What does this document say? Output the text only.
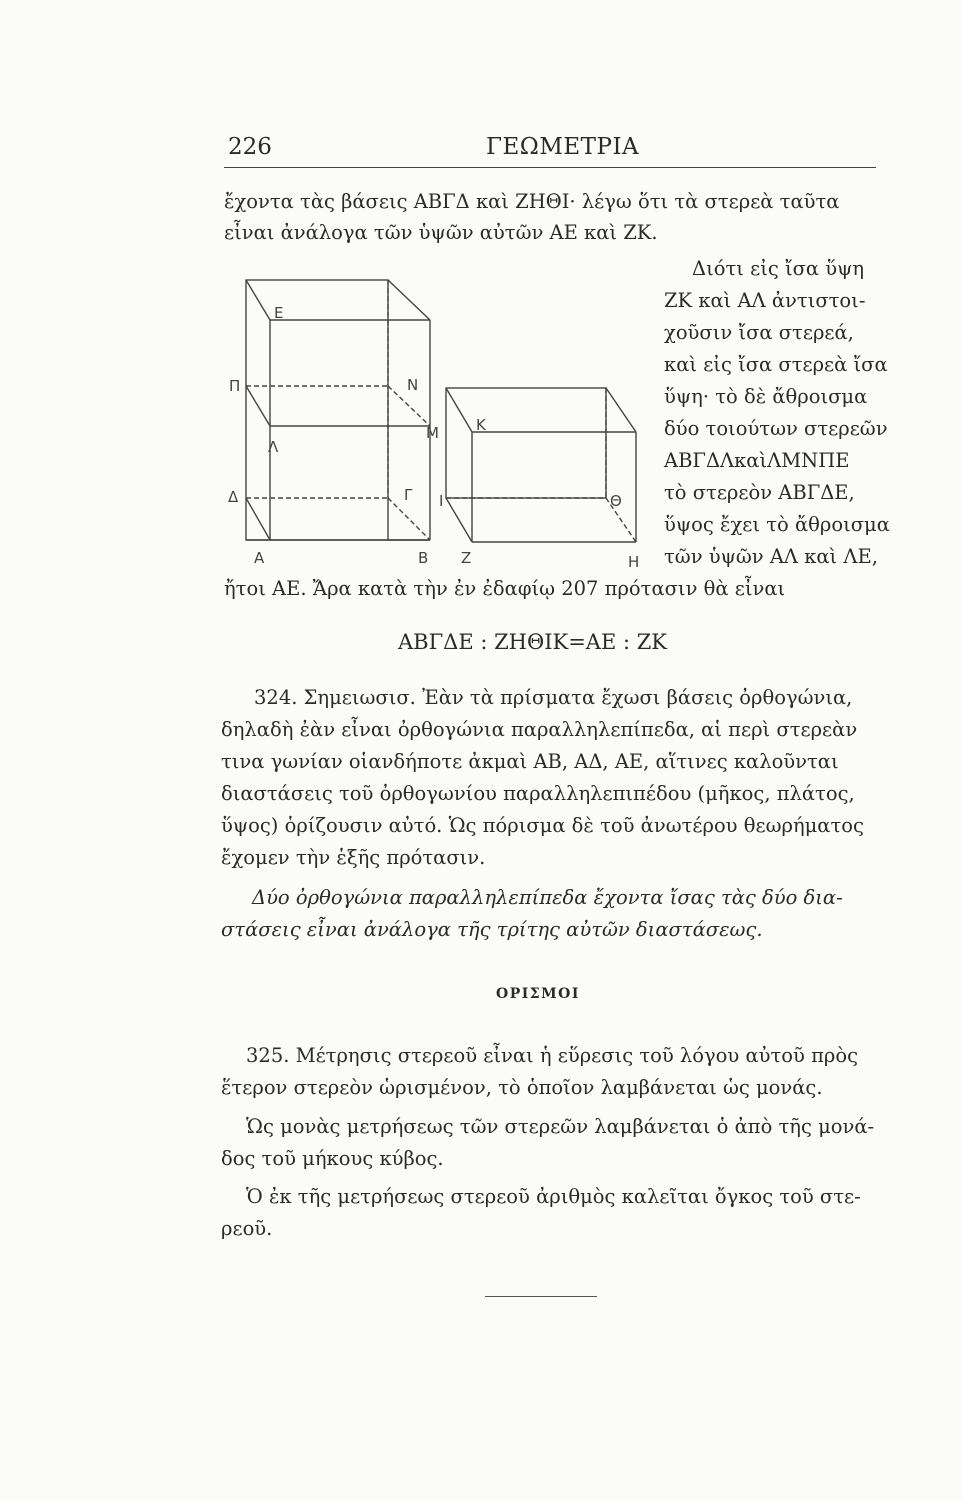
226	ΓΕΩΜΕΤΡΙΑ
ἔχοντα τὰς βάσεις ΑΒΓΔ καὶ ΖΗΘΙ· λέγω ὅτι τὰ στερεὰ ταῦτα
εἶναι ἀνάλογα τῶν ὑψῶν αὐτῶν ΑΕ καὶ ΖΚ.
Διότι εἰς ἴσα ὕψη
ΖΚ καὶ ΑΛ ἀντιστοι-
χοῦσιν ἴσα στερεά,
καὶ εἰς ἴσα στερεὰ ἴσα
ὕψη· τὸ δὲ ἄθροισμα
δύο τοιούτων στερεῶν
ΑΒΓΔΛκαὶΛΜΝΠΕ
τὸ στερεὸν ΑΒΓΔΕ,
ὕψος ἔχει τὸ ἄθροισμα
τῶν ὑψῶν ΑΛ καὶ ΛΕ,
E
Π	N
M
Λ
Δ	Γ
A	B
I
K
Θ
Z	H
ἤτοι ΑΕ. Ἄρα κατὰ τὴν ἐν ἐδαφίῳ 207 πρότασιν θὰ εἶναι
ΑΒΓΔΕ : ΖΗΘΙΚ=ΑΕ : ΖΚ
324. Σημειωσισ. Ἐὰν τὰ πρίσματα ἔχωσι βάσεις ὀρθογώνια,
δηλαδὴ ἐὰν εἶναι ὀρθογώνια παραλληλεπίπεδα, αἱ περὶ στερεὰν
τινα γωνίαν οἱανδήποτε ἀκμαὶ ΑΒ, ΑΔ, ΑΕ, αἵτινες καλοῦνται
διαστάσεις τοῦ ὀρθογωνίου παραλληλεπιπέδου (μῆκος, πλάτος,
ὕψος) ὁρίζουσιν αὐτό. Ὡς πόρισμα δὲ τοῦ ἀνωτέρου θεωρήματος
ἔχομεν τὴν ἑξῆς πρότασιν.
Δύο ὀρθογώνια παραλληλεπίπεδα ἔχοντα ἴσας τὰς δύο δια-
στάσεις εἶναι ἀνάλογα τῆς τρίτης αὐτῶν διαστάσεως.
ΟΡΙΣΜΟΙ
325. Μέτρησις στερεοῦ εἶναι ἡ εὕρεσις τοῦ λόγου αὐτοῦ πρὸς
ἕτερον στερεὸν ὡρισμένον, τὸ ὁποῖον λαμβάνεται ὡς μονάς.
Ὡς μονὰς μετρήσεως τῶν στερεῶν λαμβάνεται ὁ ἀπὸ τῆς μονά-
δος τοῦ μήκους κύβος.
Ὁ ἐκ τῆς μετρήσεως στερεοῦ ἀριθμὸς καλεῖται ὄγκος τοῦ στε-
ρεοῦ.
